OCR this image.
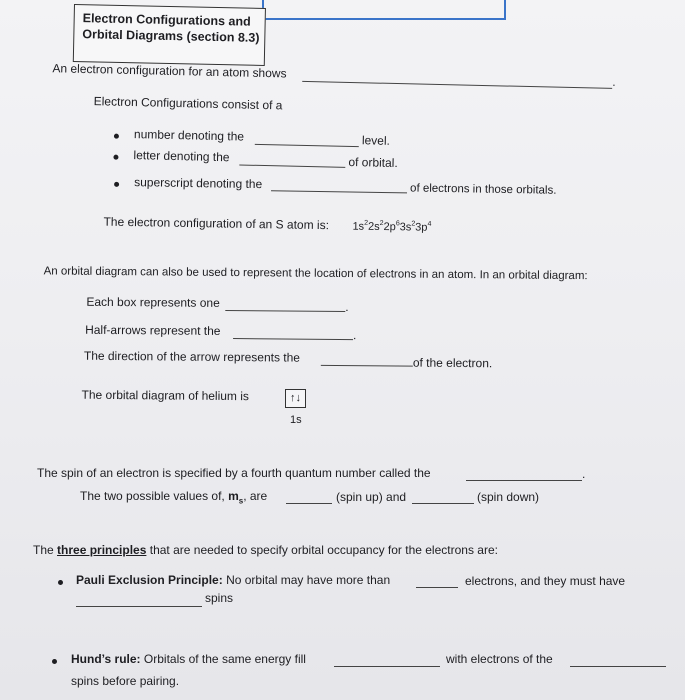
Electron Configurations and
Orbital Diagrams (section 8.3)
An electron configuration for an atom shows
.
Electron Configurations consist of a
number denoting the	level.
letter denoting the	of orbital.
superscript denoting the	of electrons in those orbitals.
The electron configuration of an S atom is: $1s^22s^22p^63s^23p^4$
An orbital diagram can also be used to represent the location of electrons in an atom. In an orbital diagram:
Each box represents one	.
Half-arrows represent the	.
The direction of the arrow represents the	of the electron.
The orbital diagram of helium is	↑↓
1s
The spin of an electron is specified by a fourth quantum number called the	.
The two possible values of, $m_s$, are	(spin up) and	(spin down)
The three principles that are needed to specify orbital occupancy for the electrons are:
Pauli Exclusion Principle: No orbital may have more than	electrons, and they must have
spins
Hund’s rule: Orbitals of the same energy fill	with electrons of the
spins before pairing.
